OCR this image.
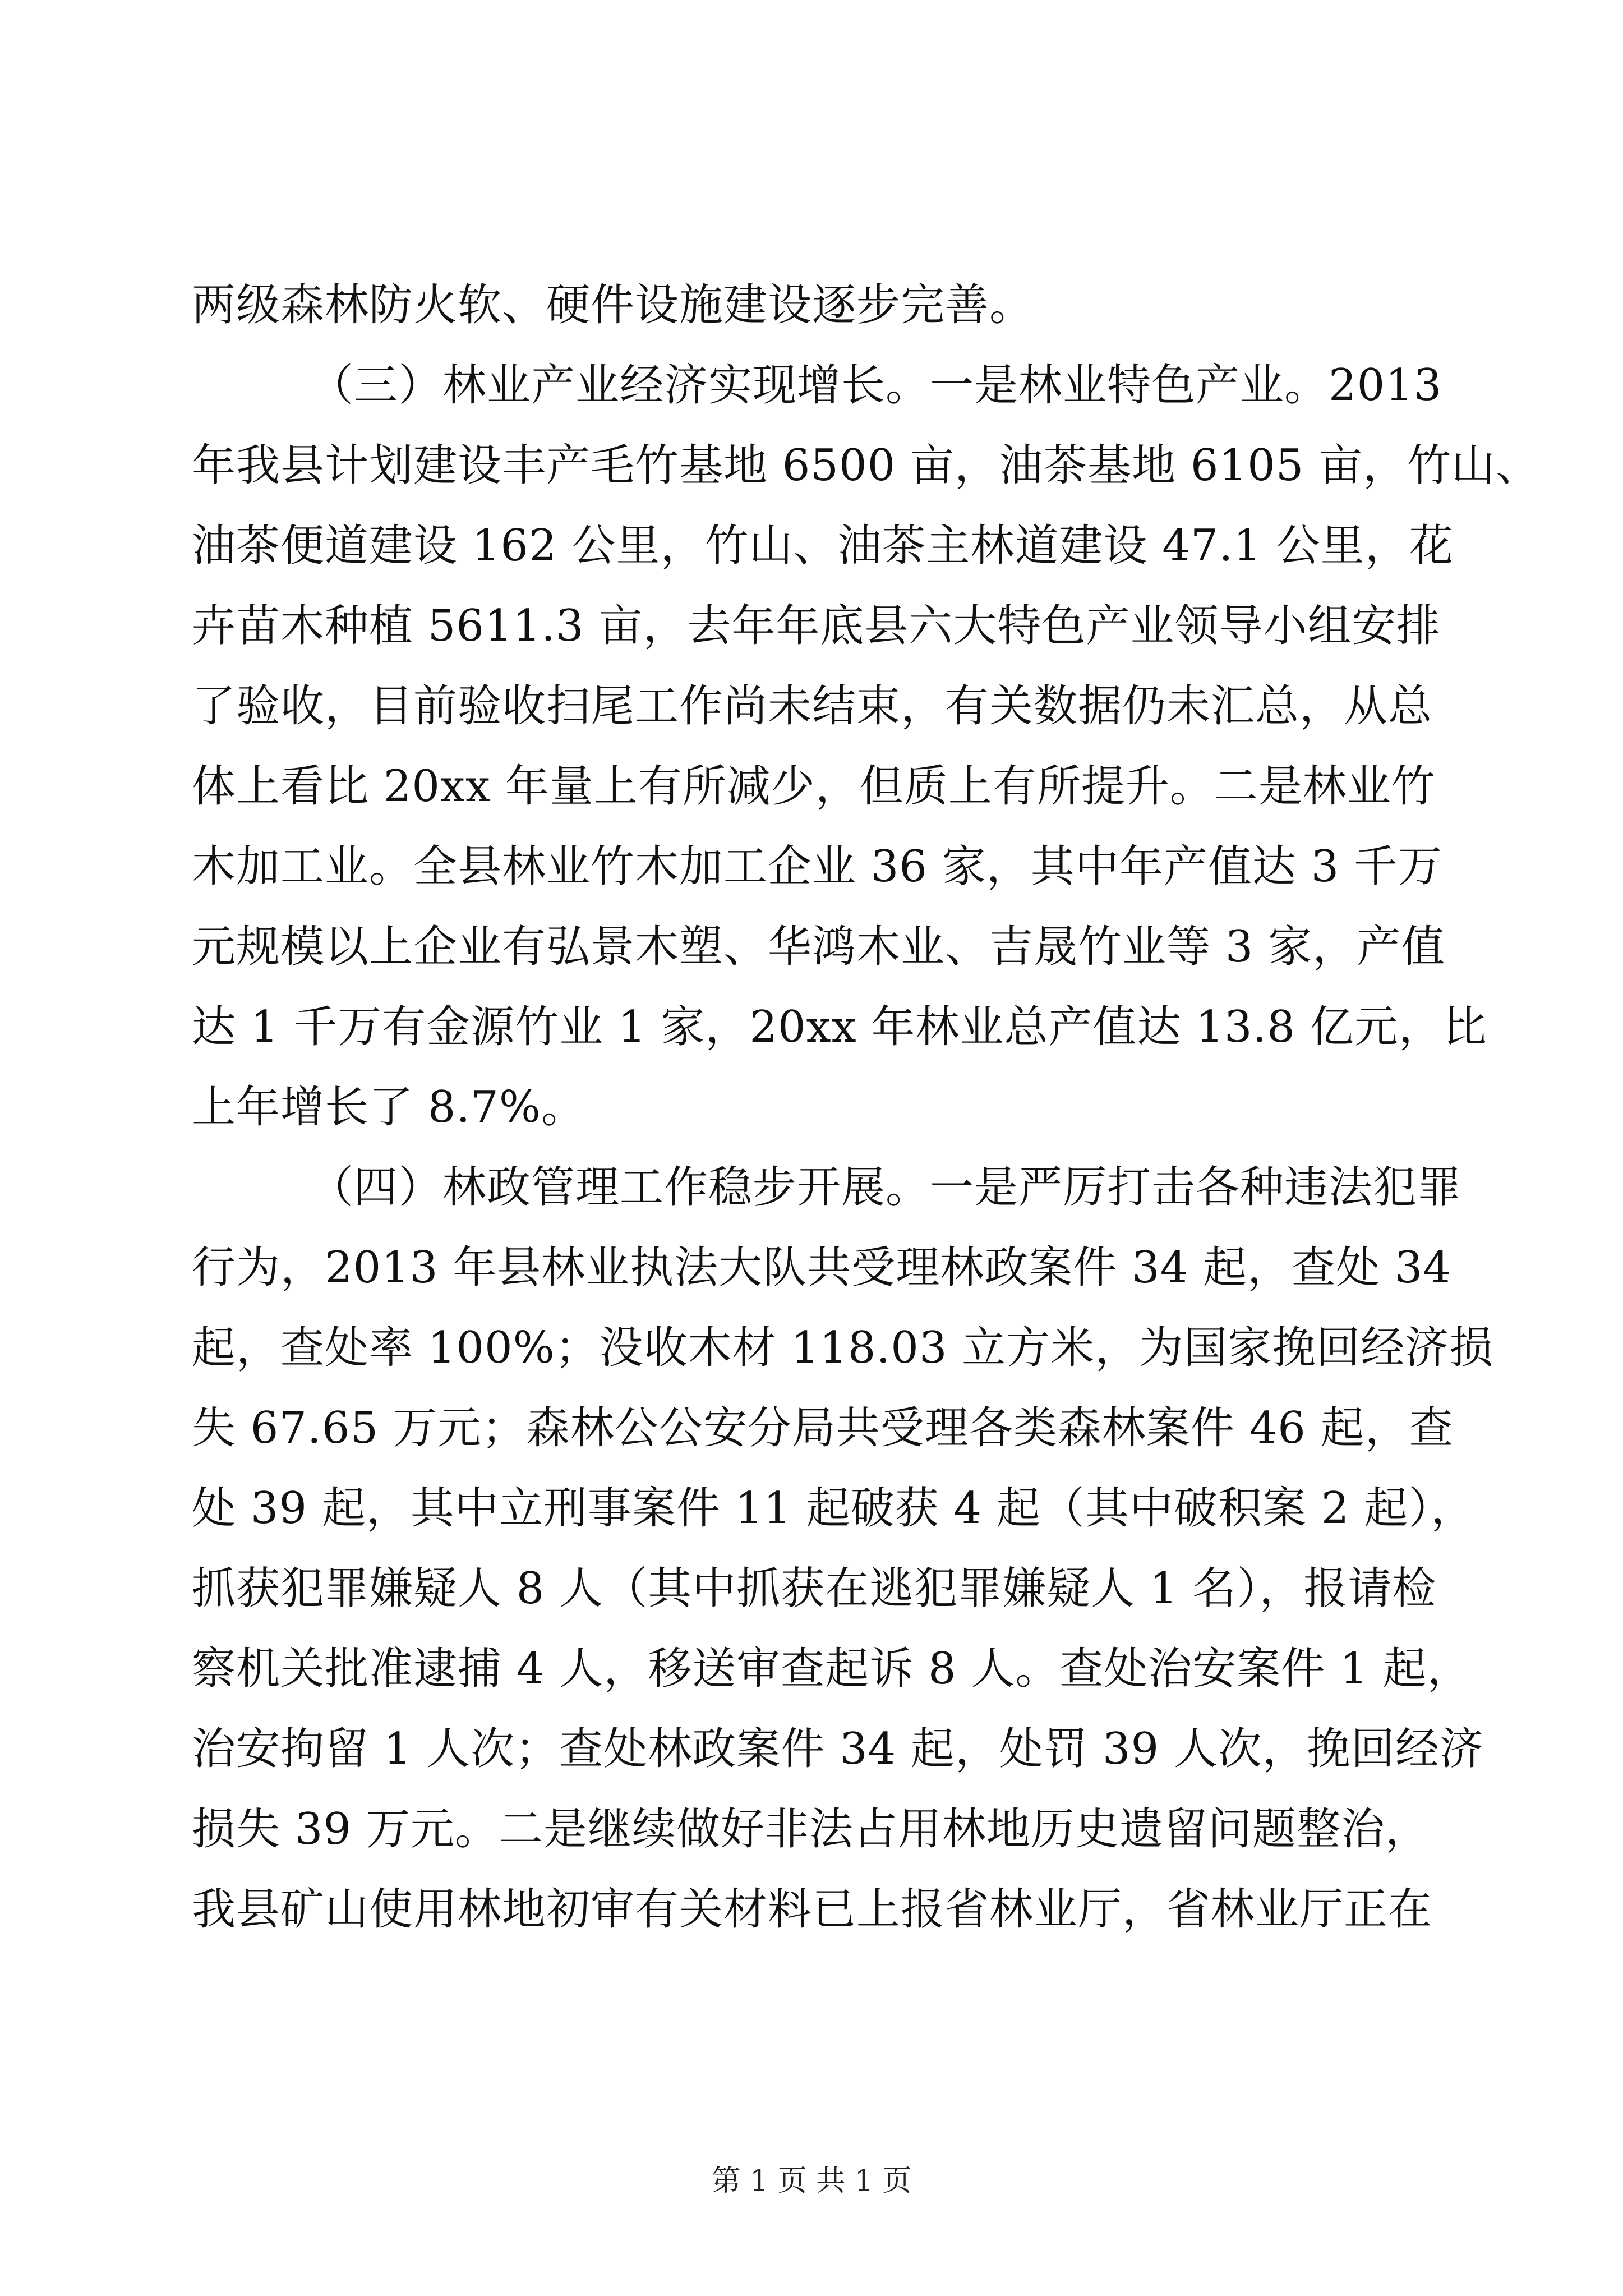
两级森林防火软、硬件设施建设逐步完善。
（三）林业产业经济实现增长。一是林业特色产业。2013
年我县计划建设丰产毛竹基地 6500 亩，油茶基地 6105 亩，竹山、
油茶便道建设 162 公里，竹山、油茶主林道建设 47.1 公里，花
卉苗木种植 5611.3 亩，去年年底县六大特色产业领导小组安排
了验收，目前验收扫尾工作尚未结束，有关数据仍未汇总，从总
体上看比 20xx 年量上有所减少，但质上有所提升。二是林业竹
木加工业。全县林业竹木加工企业 36 家，其中年产值达 3 千万
元规模以上企业有弘景木塑、华鸿木业、吉晟竹业等 3 家，产值
达 1 千万有金源竹业 1 家，20xx 年林业总产值达 13.8 亿元，比
上年增长了 8.7%。
（四）林政管理工作稳步开展。一是严厉打击各种违法犯罪
行为，2013 年县林业执法大队共受理林政案件 34 起，查处 34
起，查处率 100%；没收木材 118.03 立方米，为国家挽回经济损
失 67.65 万元；森林公公安分局共受理各类森林案件 46 起，查
处 39 起，其中立刑事案件 11 起破获 4 起（其中破积案 2 起），
抓获犯罪嫌疑人 8 人（其中抓获在逃犯罪嫌疑人 1 名），报请检
察机关批准逮捕 4 人，移送审查起诉 8 人。查处治安案件 1 起，
治安拘留 1 人次；查处林政案件 34 起，处罚 39 人次，挽回经济
损失 39 万元。二是继续做好非法占用林地历史遗留问题整治，
我县矿山使用林地初审有关材料已上报省林业厅，省林业厅正在
第 1 页 共 1 页
